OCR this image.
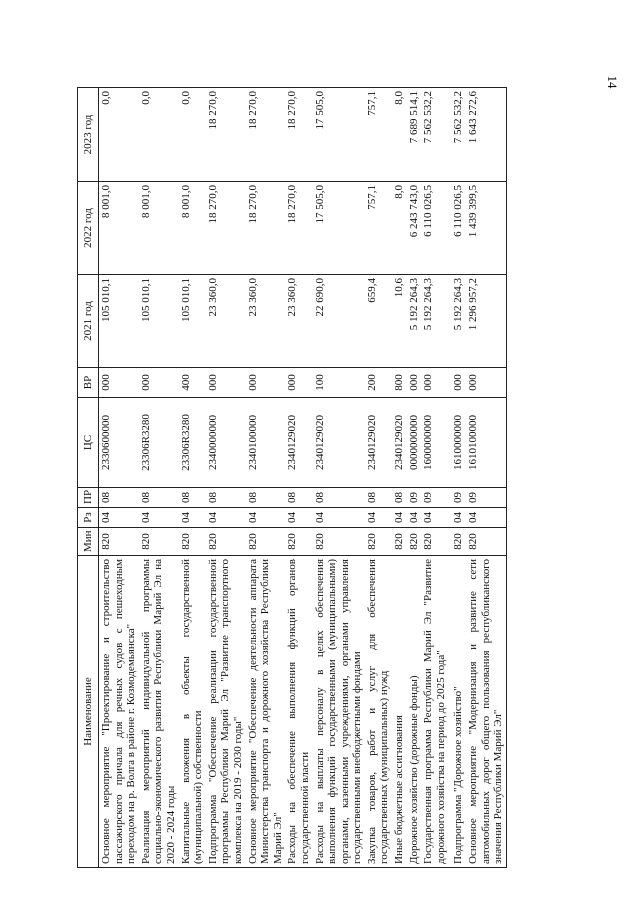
14
Наименование	Мин	Рз	ПР	ЦС	ВР	2021 год	2022 год	2023 год
Основное мероприятие "Проектирование и строительство пассажирского причала для речных судов с пешеходным переходом на р. Волга в районе г. Козмодемьянска"	820	04	08	2330600000	000	105 010,1	8 001,0	0,0
Реализация мероприятий индивидуальной программы социально-экономического развития Республики Марий Эл на 2020 - 2024 годы	820	04	08	23306R3280	000	105 010,1	8 001,0	0,0
Капитальные вложения в объекты государственной (муниципальной) собственности	820	04	08	23306R3280	400	105 010,1	8 001,0	0,0
Подпрограмма "Обеспечение реализации государственной программы Республики Марий Эл "Развитие транспортного комплекса на 2019 - 2030 годы"	820	04	08	2340000000	000	23 360,0	18 270,0	18 270,0
Основное мероприятие "Обеспечение деятельности аппарата Министерства транспорта и дорожного хозяйства Республики Марий Эл"	820	04	08	2340100000	000	23 360,0	18 270,0	18 270,0
Расходы на обеспечение выполнения функций органов государственной власти	820	04	08	2340129020	000	23 360,0	18 270,0	18 270,0
Расходы на выплаты персоналу в целях обеспечения выполнения функций государственными (муниципальными) органами, казенными учреждениями, органами управления государственными внебюджетными фондами	820	04	08	2340129020	100	22 690,0	17 505,0	17 505,0
Закупка товаров, работ и услуг для обеспечения государственных (муниципальных) нужд	820	04	08	2340129020	200	659,4	757,1	757,1
Иные бюджетные ассигнования	820	04	08	2340129020	800	10,6	8,0	8,0
Дорожное хозяйство (дорожные фонды)	820	04	09	0000000000	000	5 192 264,3	6 243 743,0	7 689 514,1
Государственная программа Республики Марий Эл "Развитие дорожного хозяйства на период до 2025 года"	820	04	09	1600000000	000	5 192 264,3	6 110 026,5	7 562 532,2
Подпрограмма "Дорожное хозяйство"	820	04	09	1610000000	000	5 192 264,3	6 110 026,5	7 562 532,2
Основное мероприятие "Модернизация и развитие сети автомобильных дорог общего пользования республиканского значения Республики Марий Эл"	820	04	09	1610100000	000	1 296 957,2	1 439 399,5	1 643 272,6
